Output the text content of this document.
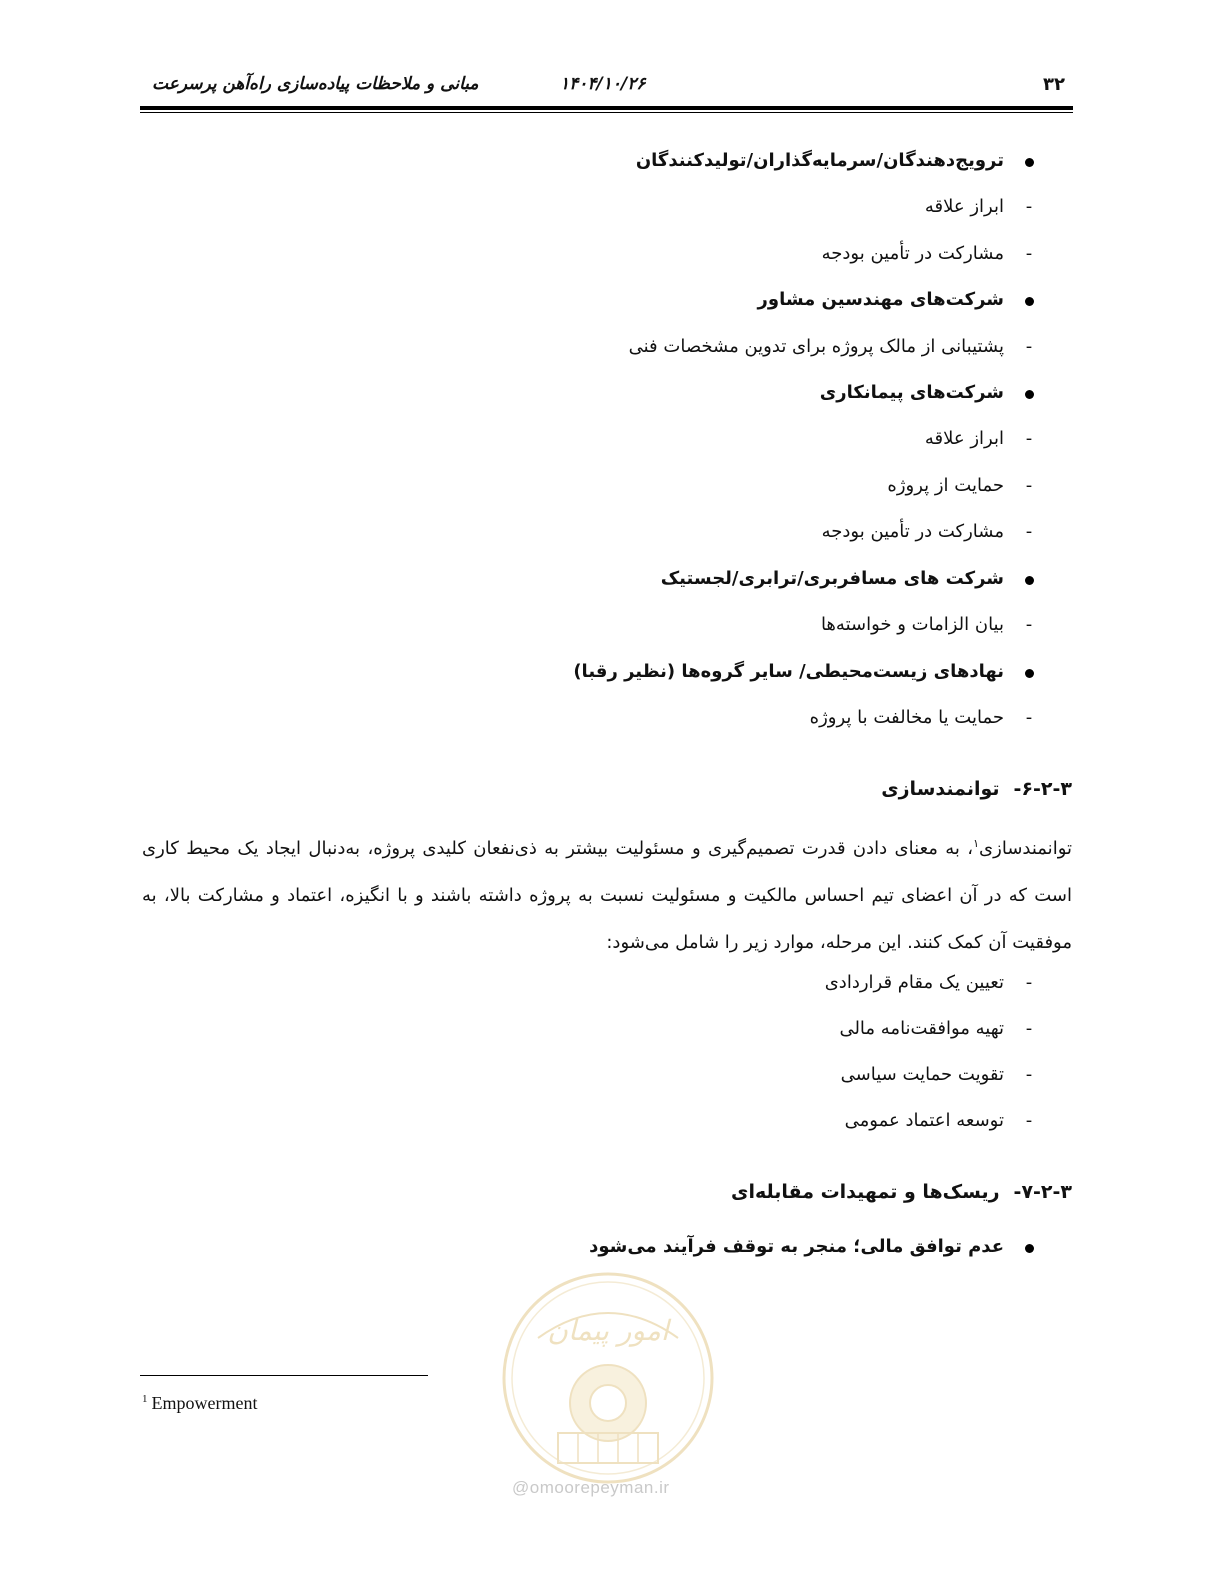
۳۲
۱۴۰۴/۱۰/۲۶
مبانی و ملاحظات پیاده‌سازی راه‌آهن پرسرعت
ترویج‌دهندگان/سرمایه‌گذاران/تولیدکنندگان
-
ابراز علاقه
-
مشارکت در تأمین بودجه
شرکت‌های مهندسین مشاور
-
پشتیبانی از مالک پروژه برای تدوین مشخصات فنی
شرکت‌های پیمانکاری
-
ابراز علاقه
-
حمایت از پروژه
-
مشارکت در تأمین بودجه
شرکت های مسافربری/ترابری/لجستیک
-
بیان الزامات و خواسته‌ها
نهادهای زیست‌محیطی/ سایر گروه‌ها (نظیر رقبا)
-
حمایت یا مخالفت با پروژه
۶-۲-۳-توانمندسازی
توانمندسازی$^۱$، به معنای دادن قدرت تصمیم‌گیری و مسئولیت بیشتر به ذی‌نفعان کلیدی پروژه، به‌دنبال ایجاد یک محیط کاری است که در آن اعضای تیم احساس مالکیت و مسئولیت نسبت به پروژه داشته باشند و با انگیزه، اعتماد و مشارکت بالا، به موفقیت آن کمک کنند. این مرحله، موارد زیر را شامل می‌شود:
-
تعیین یک مقام قراردادی
-
تهیه موافقت‌نامه مالی
-
تقویت حمایت سیاسی
-
توسعه اعتماد عمومی
۷-۲-۳-ریسک‌ها و تمهیدات مقابله‌ای
عدم توافق مالی؛ منجر به توقف فرآیند می‌شود
امور پیمان
@omoorepeyman.ir
$^1$ Empowerment
